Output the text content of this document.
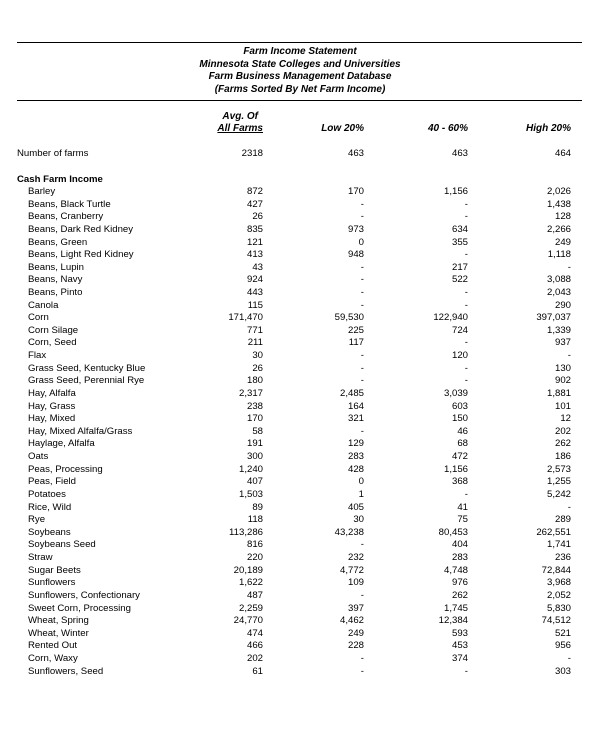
Farm Income Statement
Minnesota State Colleges and Universities
Farm Business Management Database
(Farms Sorted By Net Farm Income)
Avg. Of
All Farms	Low 20%	40 - 60%	High 20%
Number of farms	2318	463	463	464
Cash Farm Income
Barley	872	170	1,156	2,026
Beans, Black Turtle	427	-	-	1,438
Beans, Cranberry	26	-	-	128
Beans, Dark Red Kidney	835	973	634	2,266
Beans, Green	121	0	355	249
Beans, Light Red Kidney	413	948	-	1,118
Beans, Lupin	43	-	217	-
Beans, Navy	924	-	522	3,088
Beans, Pinto	443	-	-	2,043
Canola	115	-	-	290
Corn	171,470	59,530	122,940	397,037
Corn Silage	771	225	724	1,339
Corn, Seed	211	117	-	937
Flax	30	-	120	-
Grass Seed, Kentucky Blue	26	-	-	130
Grass Seed, Perennial Rye	180	-	-	902
Hay, Alfalfa	2,317	2,485	3,039	1,881
Hay, Grass	238	164	603	101
Hay, Mixed	170	321	150	12
Hay, Mixed Alfalfa/Grass	58	-	46	202
Haylage, Alfalfa	191	129	68	262
Oats	300	283	472	186
Peas, Processing	1,240	428	1,156	2,573
Peas, Field	407	0	368	1,255
Potatoes	1,503	1	-	5,242
Rice, Wild	89	405	41	-
Rye	118	30	75	289
Soybeans	113,286	43,238	80,453	262,551
Soybeans Seed	816	-	404	1,741
Straw	220	232	283	236
Sugar Beets	20,189	4,772	4,748	72,844
Sunflowers	1,622	109	976	3,968
Sunflowers, Confectionary	487	-	262	2,052
Sweet Corn, Processing	2,259	397	1,745	5,830
Wheat, Spring	24,770	4,462	12,384	74,512
Wheat, Winter	474	249	593	521
Rented Out	466	228	453	956
Corn, Waxy	202	-	374	-
Sunflowers, Seed	61	-	-	303
